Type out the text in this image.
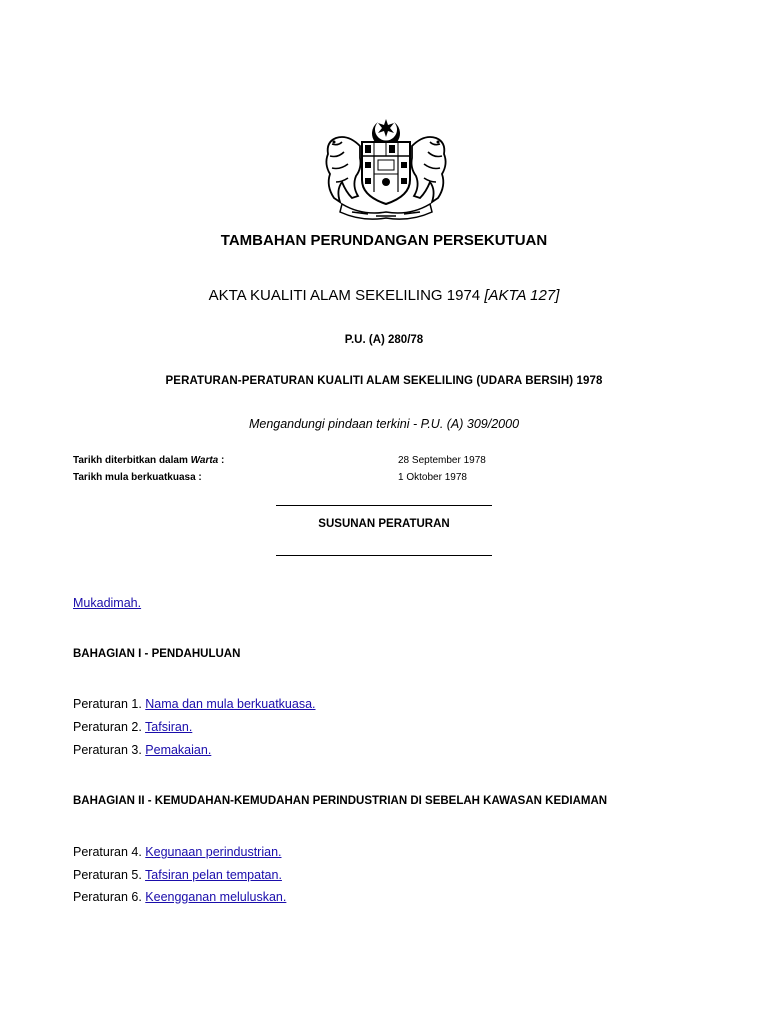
TAMBAHAN PERUNDANGAN PERSEKUTUAN
AKTA KUALITI ALAM SEKELILING 1974 [AKTA 127]
P.U. (A) 280/78
PERATURAN-PERATURAN KUALITI ALAM SEKELILING (UDARA BERSIH) 1978
Mengandungi pindaan terkini - P.U. (A) 309/2000
Tarikh diterbitkan dalam Warta :	28 September 1978
Tarikh mula berkuatkuasa :	1 Oktober 1978
SUSUNAN PERATURAN
Mukadimah.
BAHAGIAN I - PENDAHULUAN
Peraturan 1. Nama dan mula berkuatkuasa.
Peraturan 2. Tafsiran.
Peraturan 3. Pemakaian.
BAHAGIAN II - KEMUDAHAN-KEMUDAHAN PERINDUSTRIAN DI SEBELAH KAWASAN KEDIAMAN
Peraturan 4. Kegunaan perindustrian.
Peraturan 5. Tafsiran pelan tempatan.
Peraturan 6. Keengganan meluluskan.
